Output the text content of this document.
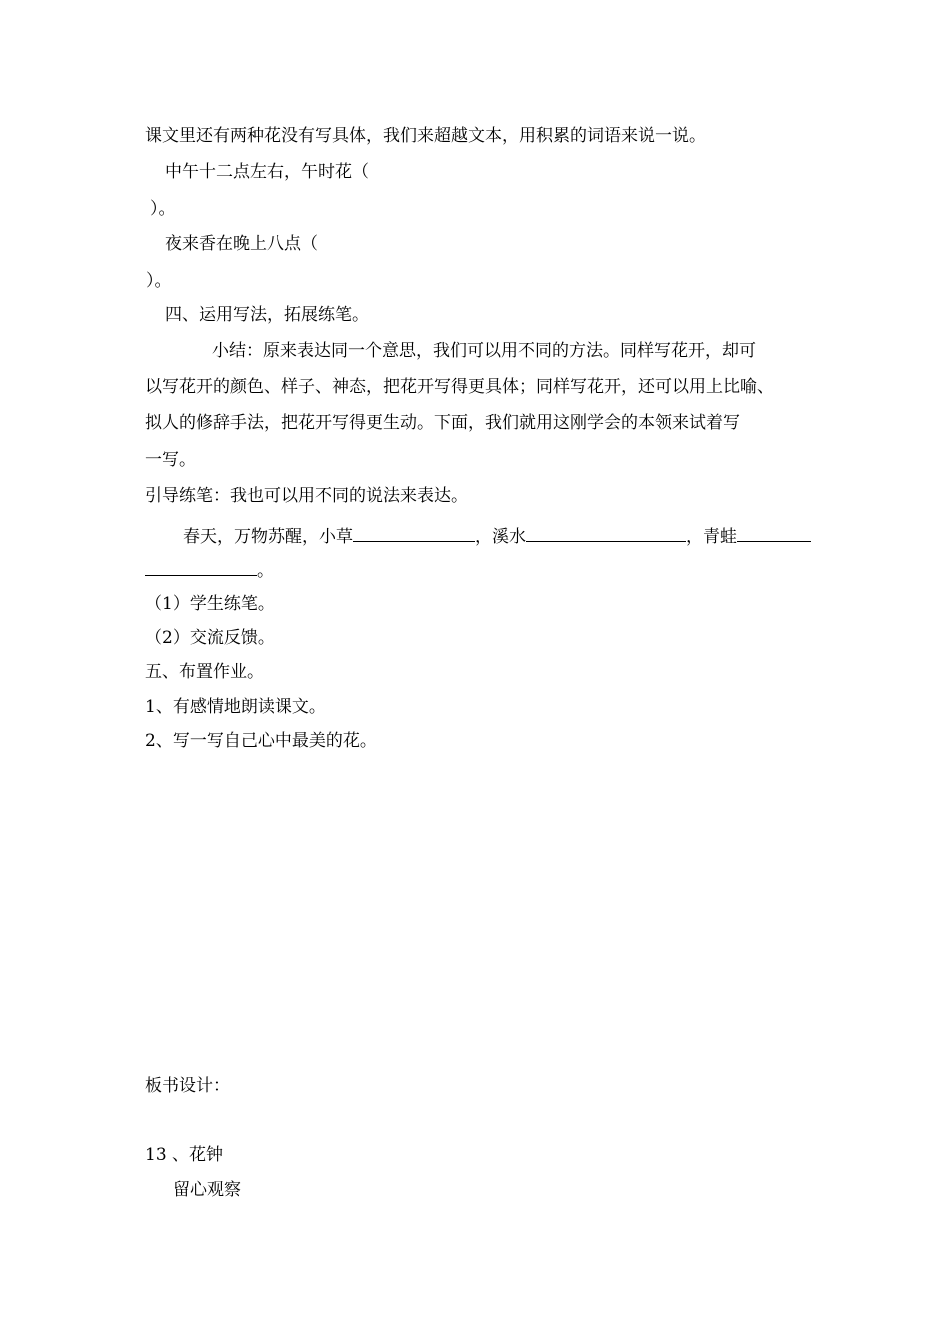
课文里还有两种花没有写具体，我们来超越文本，用积累的词语来说一说。
中午十二点左右，午时花（
）。
夜来香在晚上八点（
）。
四、运用写法，拓展练笔。
小结：原来表达同一个意思，我们可以用不同的方法。同样写花开，却可
以写花开的颜色、样子、神态，把花开写得更具体；同样写花开，还可以用上比喻、
拟人的修辞手法，把花开写得更生动。下面，我们就用这刚学会的本领来试着写
一写。
引导练笔：我也可以用不同的说法来表达。
春天，万物苏醒，小草	，溪水	，青蛙
。
（1）学生练笔。
（2）交流反馈。
五、布置作业。
1、有感情地朗读课文。
2、写一写自己心中最美的花。
板书设计：
13 、花钟
留心观察
